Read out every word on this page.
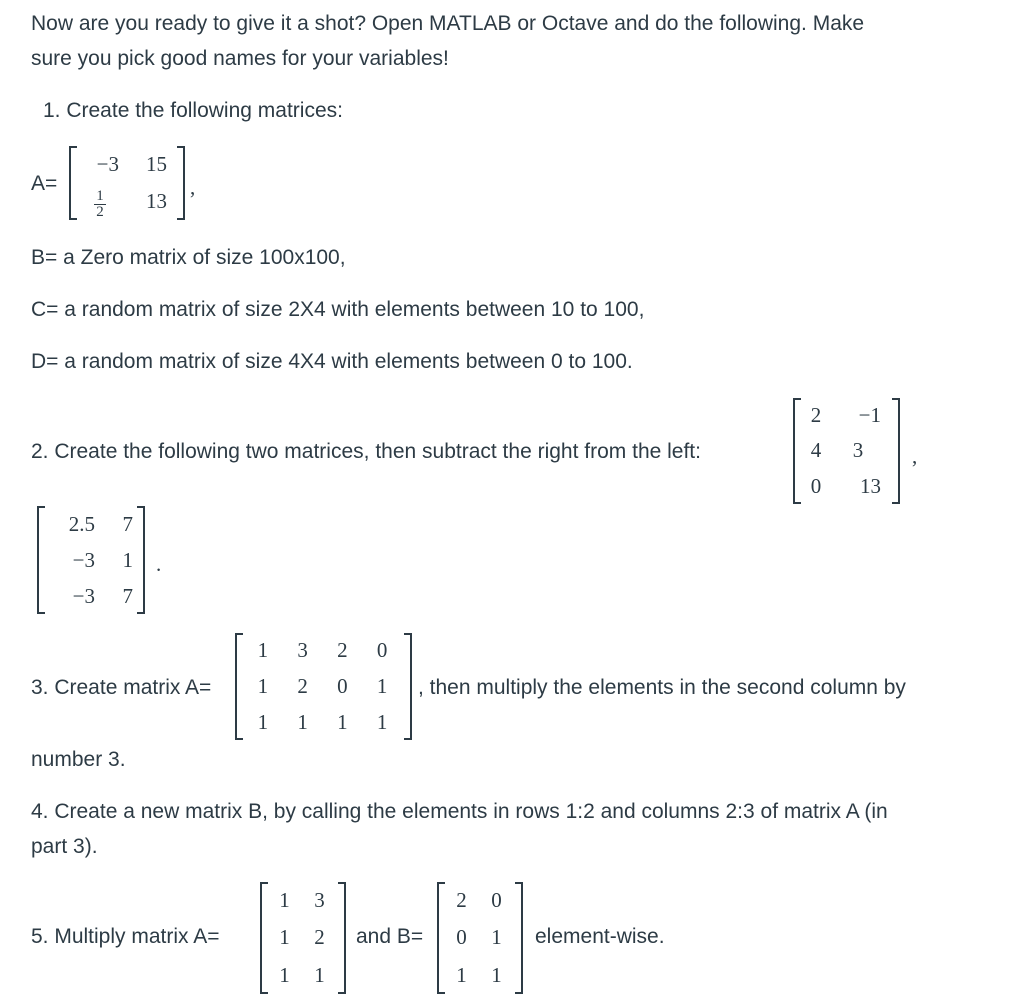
Now are you ready to give it a shot? Open MATLAB or Octave and do the following. Make
sure you pick good names for your variables!
1. Create the following matrices:
A=
−3	15
$\frac{1}{2}$	13
,
B= a Zero matrix of size 100x100,
C= a random matrix of size 2X4 with elements between 10 to 100,
D= a random matrix of size 4X4 with elements between 0 to 100.
2. Create the following two matrices, then subtract the right from the left:
2	−1
4	3
0	13
,
2.5	7
−3	1
−3	7
.
3. Create matrix A=
1	3	2	0
1	2	0	1
1	1	1	1
, then multiply the elements in the second column by
number 3.
4. Create a new matrix B, by calling the elements in rows 1:2 and columns 2:3 of matrix A (in
part 3).
5. Multiply matrix A=
1	3
1	2
1	1
and B=
2	0
0	1
1	1
element-wise.
